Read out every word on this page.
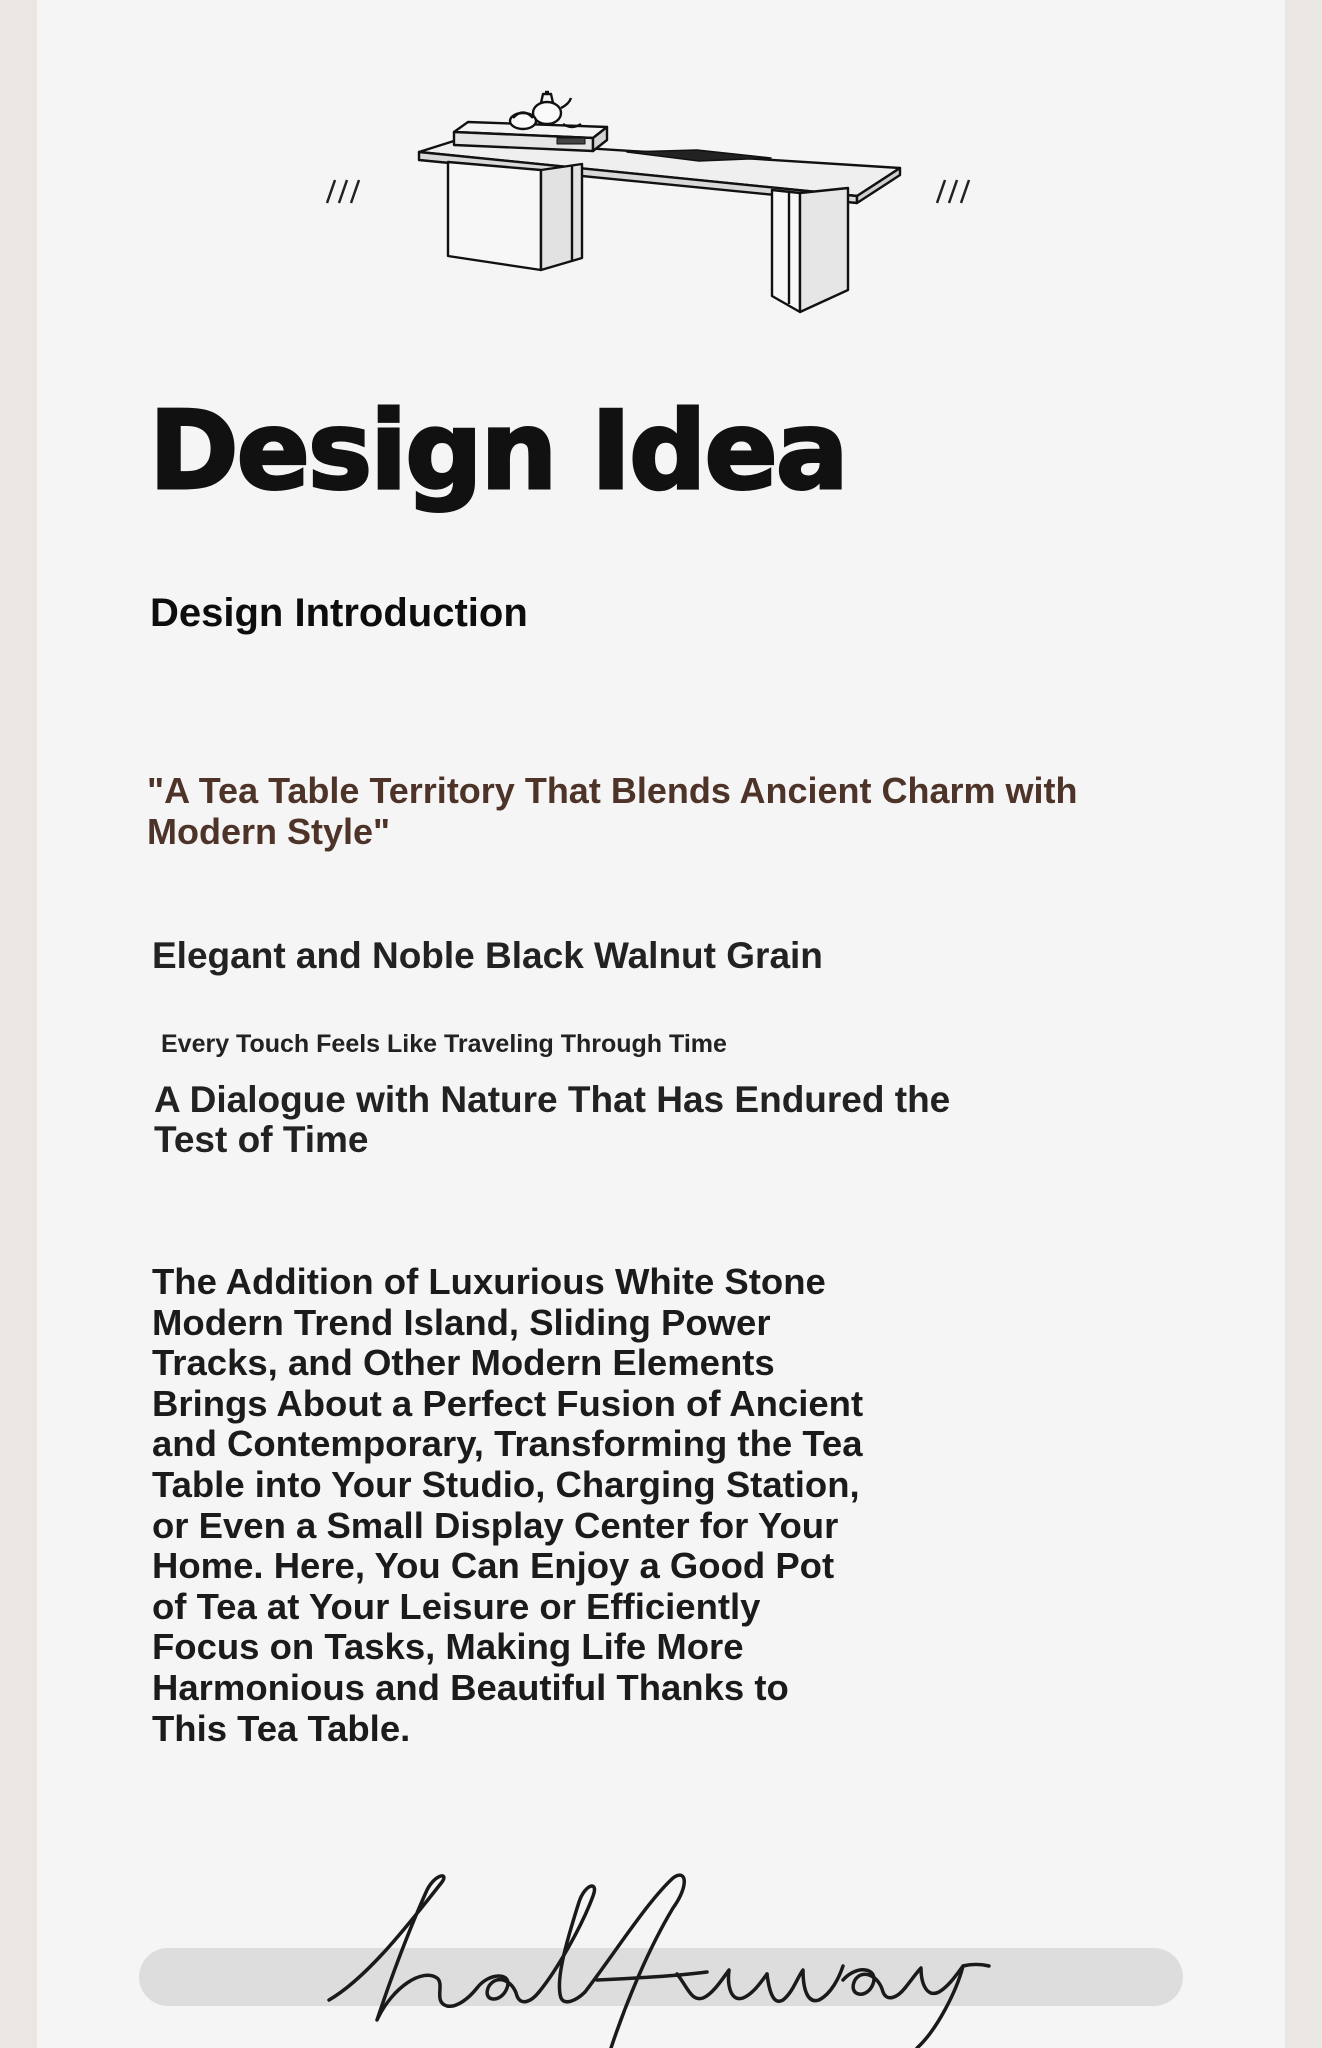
Design Idea
Design Introduction

"A Tea Table Territory That Blends Ancient Charm with Modern Style"

Elegant and Noble Black Walnut Grain

Every Touch Feels Like Traveling Through Time

A Dialogue with Nature That Has Endured the Test of Time

The Addition of Luxurious White Stone Modern Trend Island, Sliding Power Tracks, and Other Modern Elements Brings About a Perfect Fusion of Ancient and Contemporary, Transforming the Tea Table into Your Studio, Charging Station, or Even a Small Display Center for Your Home. Here, You Can Enjoy a Good Pot of Tea at Your Leisure or Efficiently Focus on Tasks, Making Life More Harmonious and Beautiful Thanks to This Tea Table.
